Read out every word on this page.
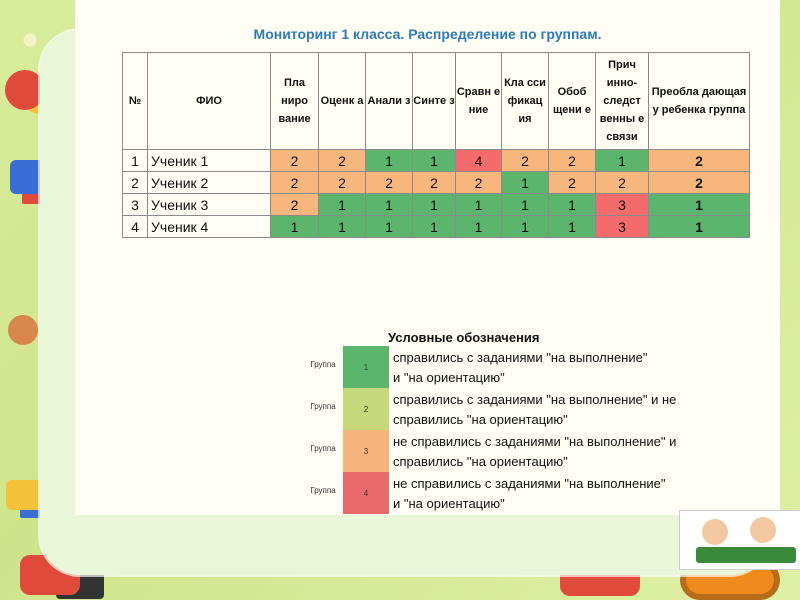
Мониторинг 1 класса. Распределение по группам.
№	ФИО	Пла ниро вание	Оценк а	Анали з	Синте з	Сравн е ние	Кла сси фикац ия	Обоб щени е	Прич инно-следст венны е связи	Преобла дающая у ребенка группа
1	Ученик 1	2	2	1	1	4	2	2	1	2
2	Ученик 2	2	2	2	2	2	1	2	2	2
3	Ученик 3	2	1	1	1	1	1	1	3	1
4	Ученик 4	1	1	1	1	1	1	1	3	1
Условные обозначения
Группа	1
справились с заданиями "на выполнение"
и "на ориентацию"
Группа	2
справились с заданиями "на выполнение" и не
справились "на ориентацию"
Группа	3
не справились с заданиями "на выполнение" и
справились "на ориентацию"
Группа	4
не справились с заданиями "на выполнение"
и "на ориентацию"
